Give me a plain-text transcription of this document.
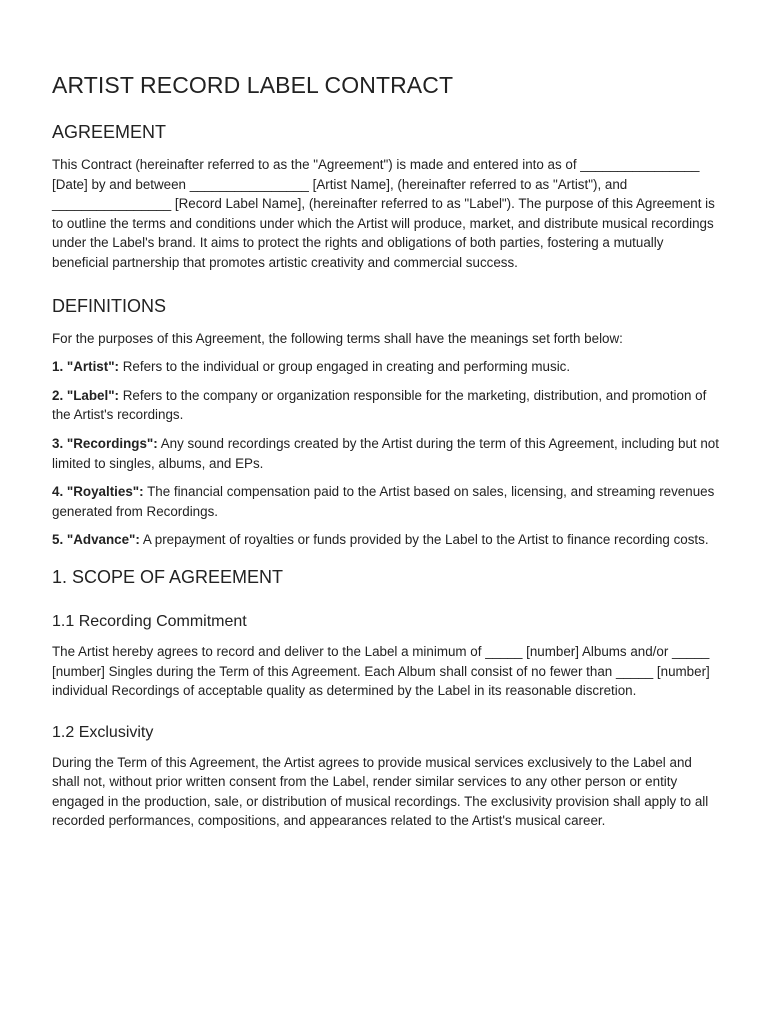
ARTIST RECORD LABEL CONTRACT
AGREEMENT

This Contract (hereinafter referred to as the "Agreement") is made and entered into as of ________________ [Date] by and between ________________ [Artist Name], (hereinafter referred to as "Artist"), and ________________ [Record Label Name], (hereinafter referred to as "Label"). The purpose of this Agreement is to outline the terms and conditions under which the Artist will produce, market, and distribute musical recordings under the Label's brand. It aims to protect the rights and obligations of both parties, fostering a mutually beneficial partnership that promotes artistic creativity and commercial success.

DEFINITIONS

For the purposes of this Agreement, the following terms shall have the meanings set forth below:

1. "Artist": Refers to the individual or group engaged in creating and performing music.

2. "Label": Refers to the company or organization responsible for the marketing, distribution, and promotion of the Artist's recordings.

3. "Recordings": Any sound recordings created by the Artist during the term of this Agreement, including but not limited to singles, albums, and EPs.

4. "Royalties": The financial compensation paid to the Artist based on sales, licensing, and streaming revenues generated from Recordings.

5. "Advance": A prepayment of royalties or funds provided by the Label to the Artist to finance recording costs.

1. SCOPE OF AGREEMENT
1.1 Recording Commitment

The Artist hereby agrees to record and deliver to the Label a minimum of _____ [number] Albums and/or _____ [number] Singles during the Term of this Agreement. Each Album shall consist of no fewer than _____ [number] individual Recordings of acceptable quality as determined by the Label in its reasonable discretion.

1.2 Exclusivity

During the Term of this Agreement, the Artist agrees to provide musical services exclusively to the Label and shall not, without prior written consent from the Label, render similar services to any other person or entity engaged in the production, sale, or distribution of musical recordings. The exclusivity provision shall apply to all recorded performances, compositions, and appearances related to the Artist's musical career.
